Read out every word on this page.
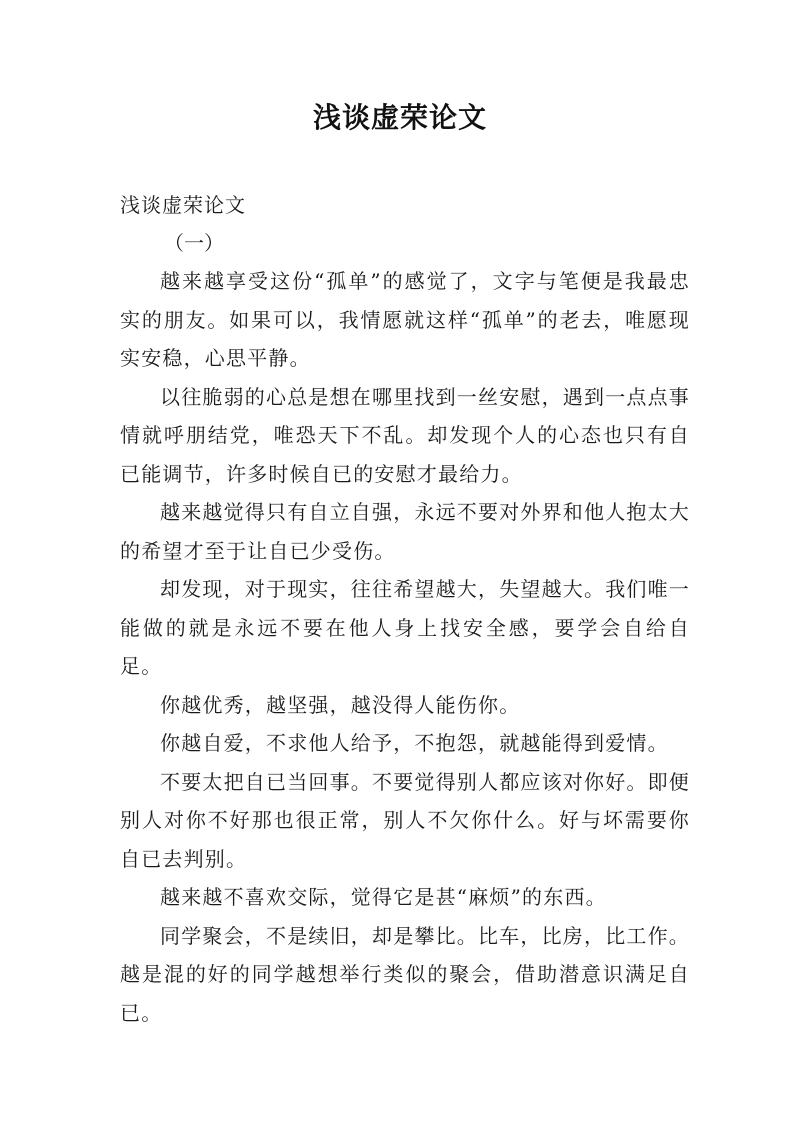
浅谈虚荣论文
浅谈虚荣论文
（一）

越来越享受这份“孤单”的感觉了，文字与笔便是我最忠实的朋友。如果可以，我情愿就这样“孤单”的老去，唯愿现实安稳，心思平静。

以往脆弱的心总是想在哪里找到一丝安慰，遇到一点点事情就呼朋结党，唯恐天下不乱。却发现个人的心态也只有自已能调节，许多时候自已的安慰才最给力。

越来越觉得只有自立自强，永远不要对外界和他人抱太大的希望才至于让自已少受伤。

却发现，对于现实，往往希望越大，失望越大。我们唯一能做的就是永远不要在他人身上找安全感，要学会自给自足。

你越优秀，越坚强，越没得人能伤你。

你越自爱，不求他人给予，不抱怨，就越能得到爱情。

不要太把自已当回事。不要觉得别人都应该对你好。即便别人对你不好那也很正常，别人不欠你什么。好与坏需要你自已去判别。

越来越不喜欢交际，觉得它是甚“麻烦”的东西。

同学聚会，不是续旧，却是攀比。比车，比房，比工作。越是混的好的同学越想举行类似的聚会，借助潜意识满足自已。
